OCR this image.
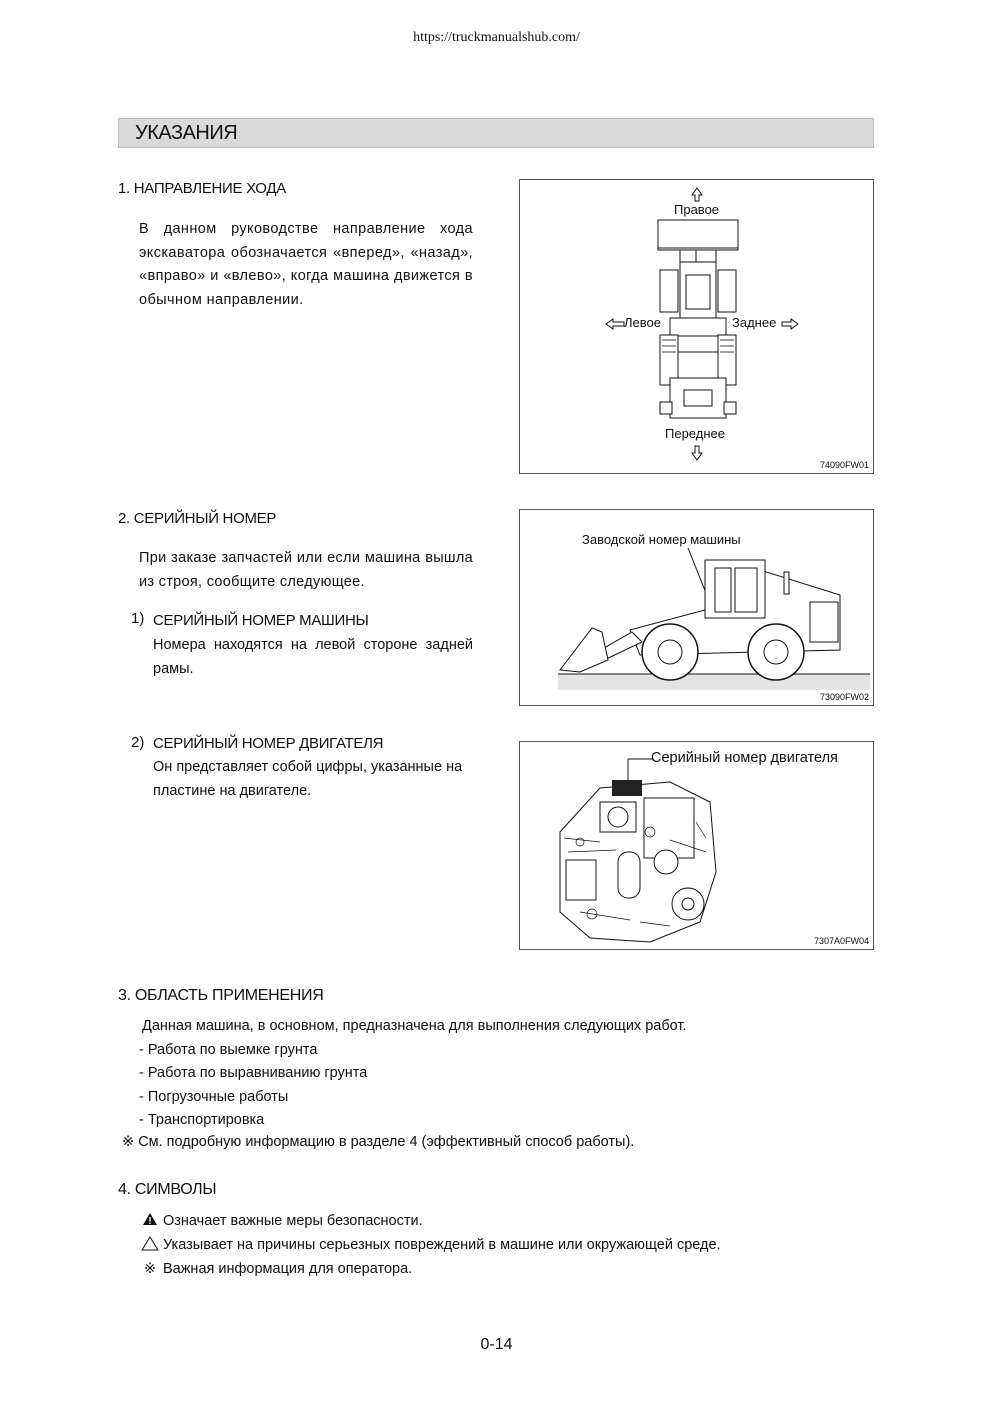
https://truckmanualshub.com/
УКАЗАНИЯ
1. НАПРАВЛЕНИЕ ХОДА
В данном руководстве направление хода экскаватора обозначается «вперед», «назад», «вправо» и «влево», когда машина движется в обычном направлении.
Правое
Левое	Заднее
Переднее
74090FW01
2. СЕРИЙНЫЙ НОМЕР
При заказе запчастей или если машина вышла из строя, сообщите следующее.
1) СЕРИЙНЫЙ НОМЕР МАШИНЫ
Номера находятся на левой стороне задней рамы.
Заводской номер машины
73090FW02
2) СЕРИЙНЫЙ НОМЕР ДВИГАТЕЛЯ
Он представляет собой цифры, указанные на пластине на двигателе.
Серийный номер двигателя
7307A0FW04
3. ОБЛАСТЬ ПРИМЕНЕНИЯ
Данная машина, в основном, предназначена для выполнения следующих работ.
- Работа по выемке грунта
- Работа по выравниванию грунта
- Погрузочные работы
- Транспортировка
※ См. подробную информацию в разделе 4 (эффективный способ работы).
4. СИМВОЛЫ
Означает важные меры безопасности.
Указывает на причины серьезных повреждений в машине или окружающей среде.
※ Важная информация для оператора.
0-14
